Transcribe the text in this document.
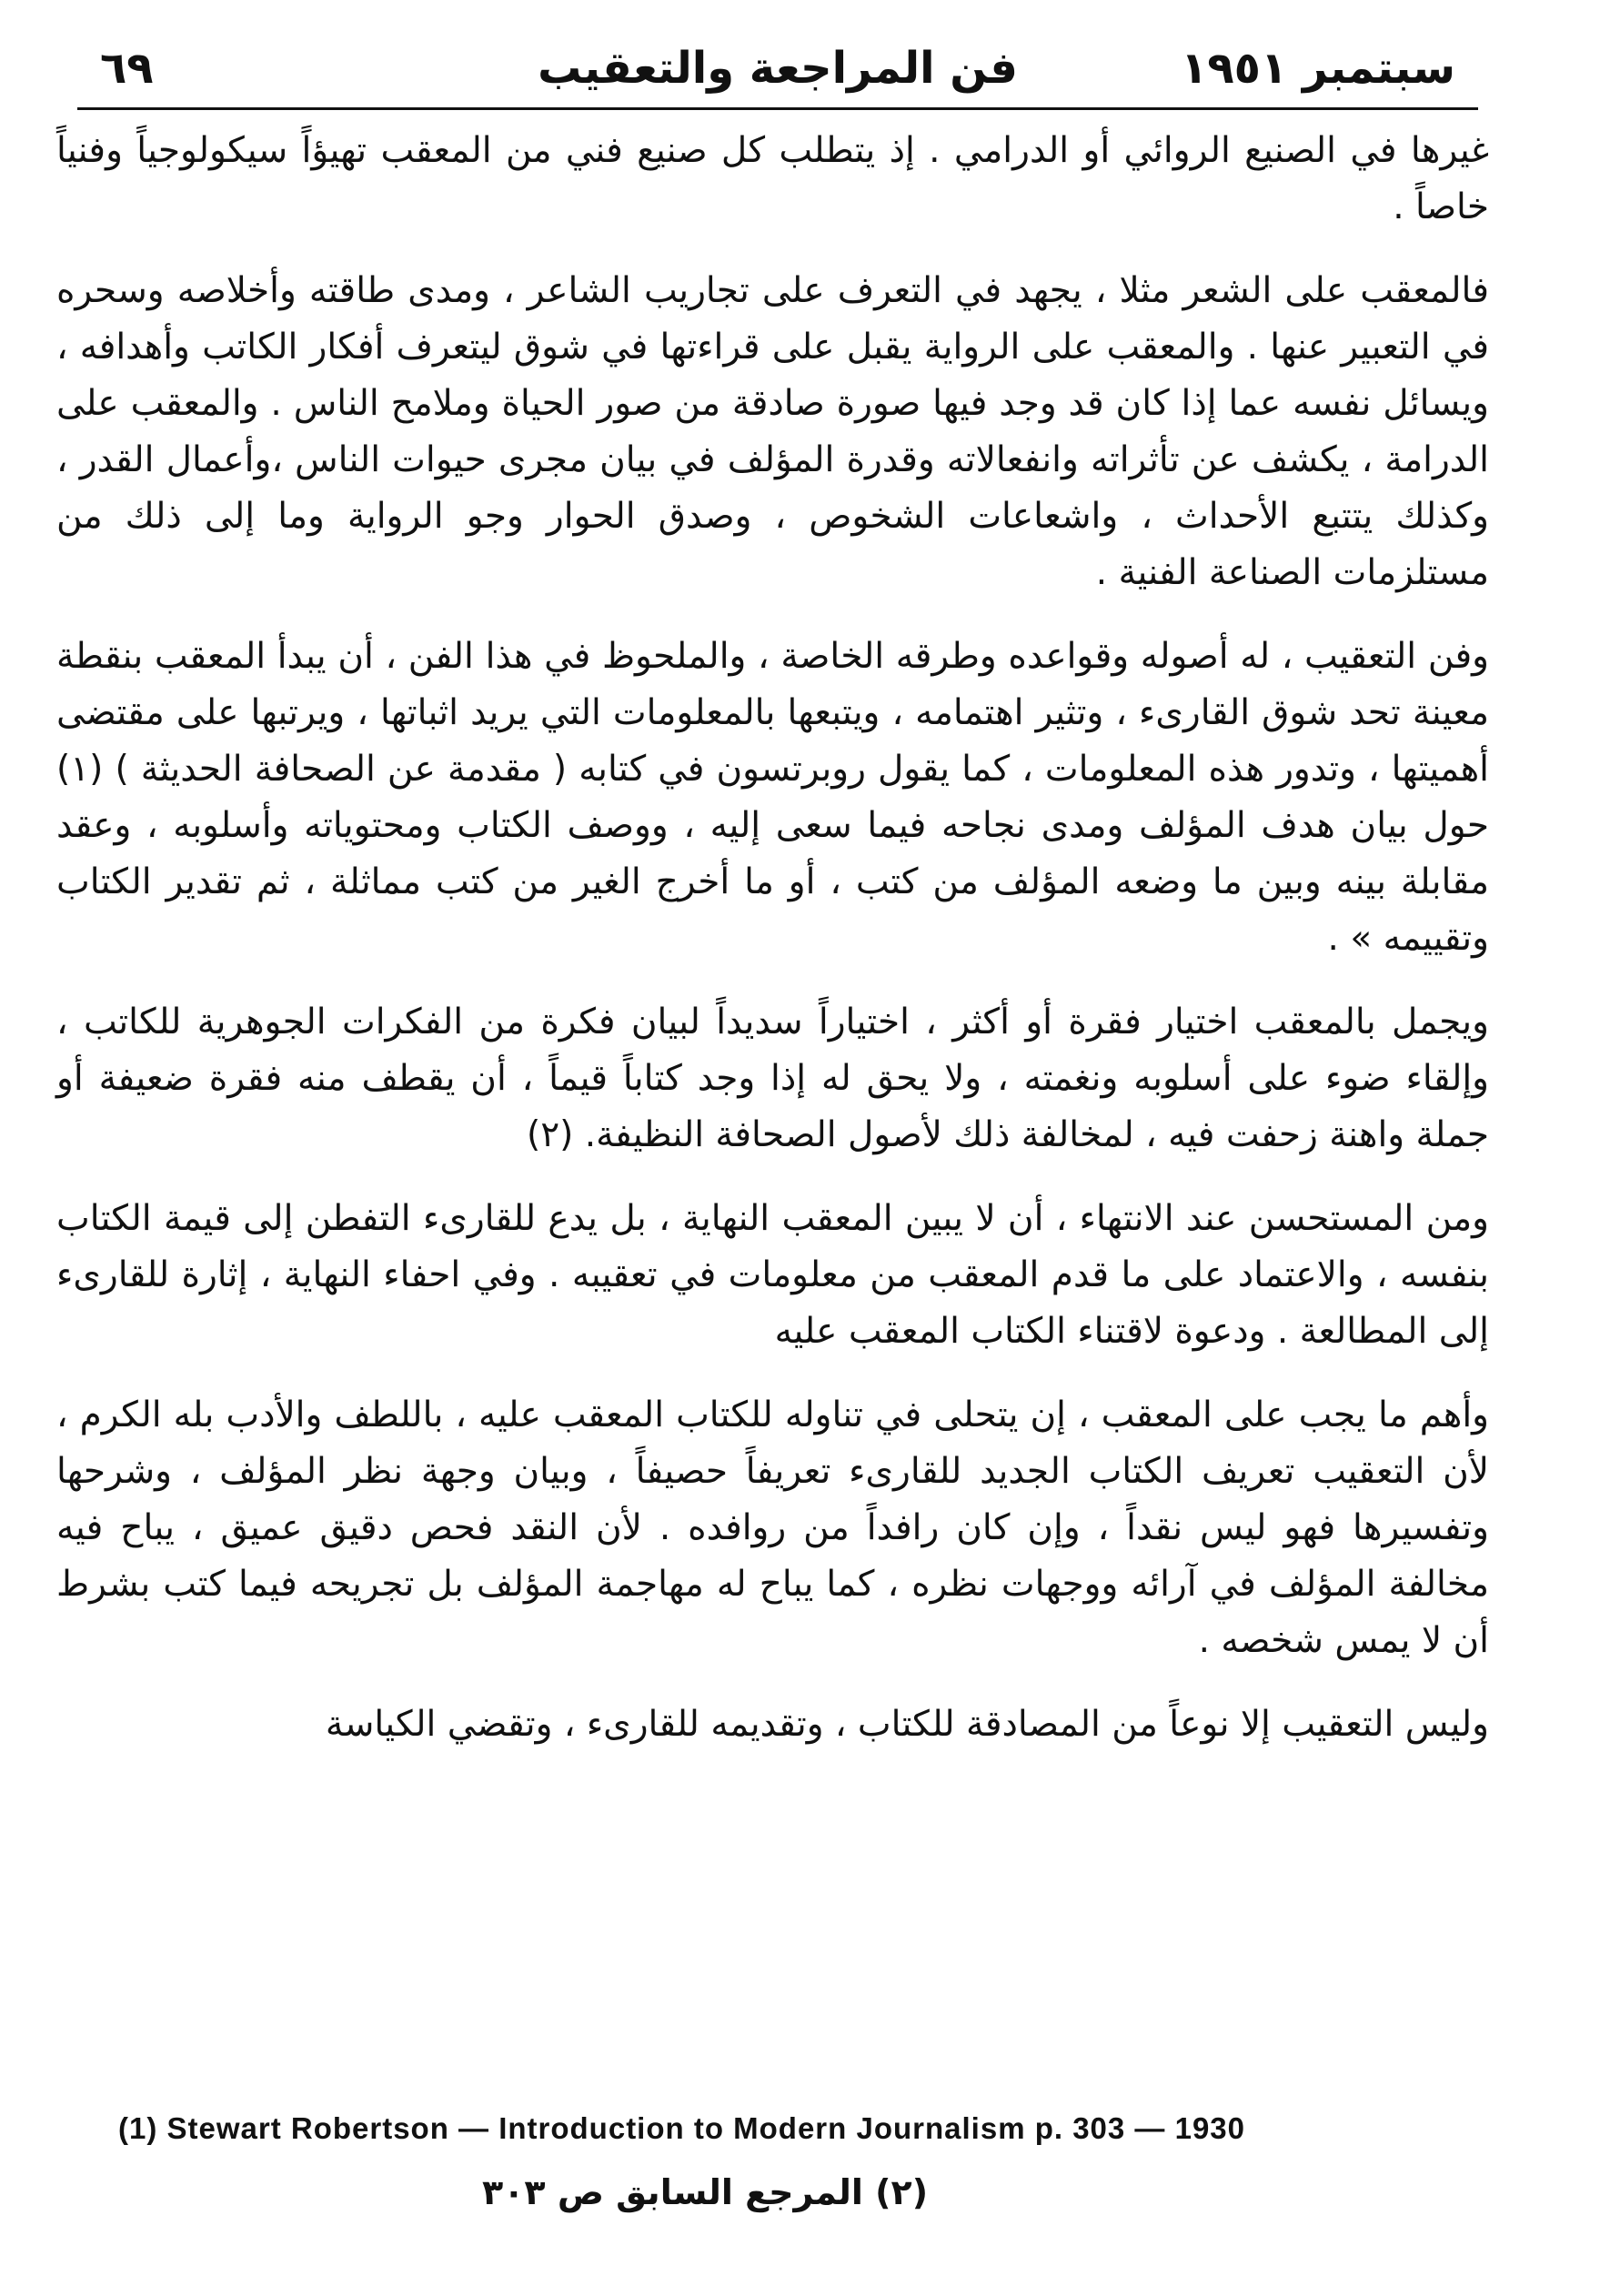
سبتمبر ١٩٥١
فن المراجعة والتعقيب
٦٩

غيرها في الصنيع الروائي أو الدرامي . إذ يتطلب كل صنيع فني من المعقب تهيؤاً سيكولوجياً وفنياً خاصاً .

فالمعقب على الشعر مثلا ، يجهد في التعرف على تجاريب الشاعر ، ومدى طاقته وأخلاصه وسحره في التعبير عنها . والمعقب على الرواية يقبل على قراءتها في شوق ليتعرف أفكار الكاتب وأهدافه ، ويسائل نفسه عما إذا كان قد وجد فيها صورة صادقة من صور الحياة وملامح الناس . والمعقب على الدرامة ، يكشف عن تأثراته وانفعالاته وقدرة المؤلف في بيان مجرى حيوات الناس ،وأعمال القدر ، وكذلك يتتبع الأحداث ، واشعاعات الشخوص ، وصدق الحوار وجو الرواية وما إلى ذلك من مستلزمات الصناعة الفنية .

وفن التعقيب ، له أصوله وقواعده وطرقه الخاصة ، والملحوظ في هذا الفن ، أن يبدأ المعقب بنقطة معينة تحد شوق القارىء ، وتثير اهتمامه ، ويتبعها بالمعلومات التي يريد اثباتها ، ويرتبها على مقتضى أهميتها ، وتدور هذه المعلومات ، كما يقول روبرتسون في كتابه ( مقدمة عن الصحافة الحديثة ) (١) حول بيان هدف المؤلف ومدى نجاحه فيما سعى إليه ، ووصف الكتاب ومحتوياته وأسلوبه ، وعقد مقابلة بينه وبين ما وضعه المؤلف من كتب ، أو ما أخرج الغير من كتب مماثلة ، ثم تقدير الكتاب وتقييمه » .

ويجمل بالمعقب اختيار فقرة أو أكثر ، اختياراً سديداً لبيان فكرة من الفكرات الجوهرية للكاتب ، وإلقاء ضوء على أسلوبه ونغمته ، ولا يحق له إذا وجد كتاباً قيماً ، أن يقطف منه فقرة ضعيفة أو جملة واهنة زحفت فيه ، لمخالفة ذلك لأصول الصحافة النظيفة. (٢)

ومن المستحسن عند الانتهاء ، أن لا يبين المعقب النهاية ، بل يدع للقارىء التفطن إلى قيمة الكتاب بنفسه ، والاعتماد على ما قدم المعقب من معلومات في تعقيبه . وفي احفاء النهاية ، إثارة للقارىء إلى المطالعة . ودعوة لاقتناء الكتاب المعقب عليه

وأهم ما يجب على المعقب ، إن يتحلى في تناوله للكتاب المعقب عليه ، باللطف والأدب بله الكرم ، لأن التعقيب تعريف الكتاب الجديد للقارىء تعريفاً حصيفاً ، وبيان وجهة نظر المؤلف ، وشرحها وتفسيرها فهو ليس نقداً ، وإن كان رافداً من روافده . لأن النقد فحص دقيق عميق ، يباح فيه مخالفة المؤلف في آرائه ووجهات نظره ، كما يباح له مهاجمة المؤلف بل تجريحه فيما كتب بشرط أن لا يمس شخصه .

وليس التعقيب إلا نوعاً من المصادقة للكتاب ، وتقديمه للقارىء ، وتقضي الكياسة

(1) Stewart Robertson — Introduction to Modern Journalism p. 303 — 1930
(٢) المرجع السابق ص ٣٠٣
